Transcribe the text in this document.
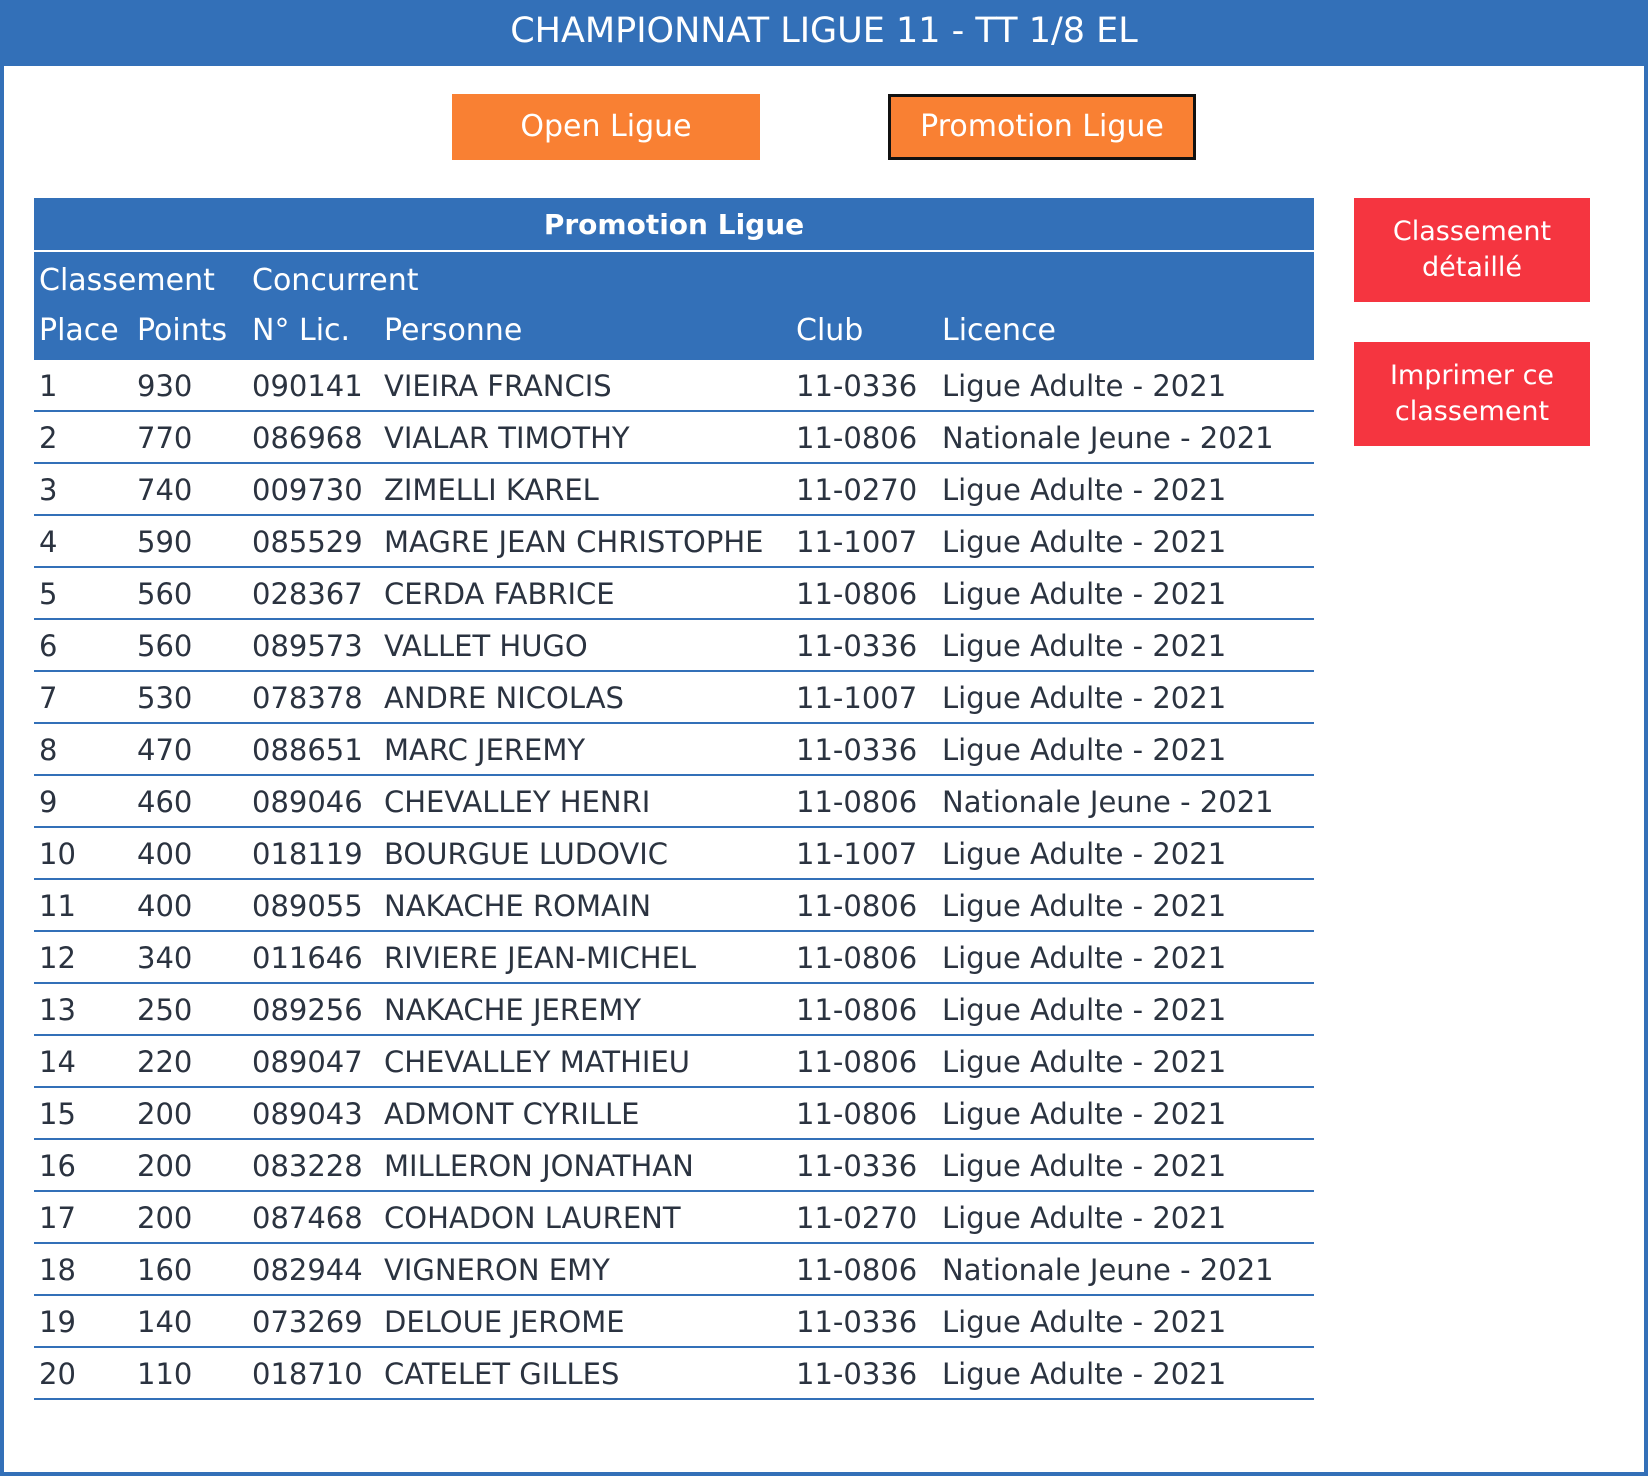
CHAMPIONNAT LIGUE 11 - TT 1/8 EL
Open Ligue	Promotion Ligue
Classement détaillé
Imprimer ce classement
Promotion Ligue
Classement Concurrent
Place Points N° Lic. Personne	Club	Licence
1	930 090141 VIEIRA FRANCIS	11-0336 Ligue Adulte - 2021
2	770 086968 VIALAR TIMOTHY	11-0806 Nationale Jeune - 2021
3	740 009730 ZIMELLI KAREL	11-0270 Ligue Adulte - 2021
4	590 085529 MAGRE JEAN CHRISTOPHE 11-1007 Ligue Adulte - 2021
5	560 028367 CERDA FABRICE	11-0806 Ligue Adulte - 2021
6	560 089573 VALLET HUGO	11-0336 Ligue Adulte - 2021
7	530 078378 ANDRE NICOLAS	11-1007 Ligue Adulte - 2021
8	470 088651 MARC JEREMY	11-0336 Ligue Adulte - 2021
9	460 089046 CHEVALLEY HENRI	11-0806 Nationale Jeune - 2021
10 400 018119 BOURGUE LUDOVIC	11-1007 Ligue Adulte - 2021
11 400 089055 NAKACHE ROMAIN	11-0806 Ligue Adulte - 2021
12 340 011646 RIVIERE JEAN-MICHEL	11-0806 Ligue Adulte - 2021
13 250 089256 NAKACHE JEREMY	11-0806 Ligue Adulte - 2021
14 220 089047 CHEVALLEY MATHIEU	11-0806 Ligue Adulte - 2021
15 200 089043 ADMONT CYRILLE	11-0806 Ligue Adulte - 2021
16 200 083228 MILLERON JONATHAN	11-0336 Ligue Adulte - 2021
17 200 087468 COHADON LAURENT	11-0270 Ligue Adulte - 2021
18 160 082944 VIGNERON EMY	11-0806 Nationale Jeune - 2021
19 140 073269 DELOUE JEROME	11-0336 Ligue Adulte - 2021
20 110 018710 CATELET GILLES	11-0336 Ligue Adulte - 2021
